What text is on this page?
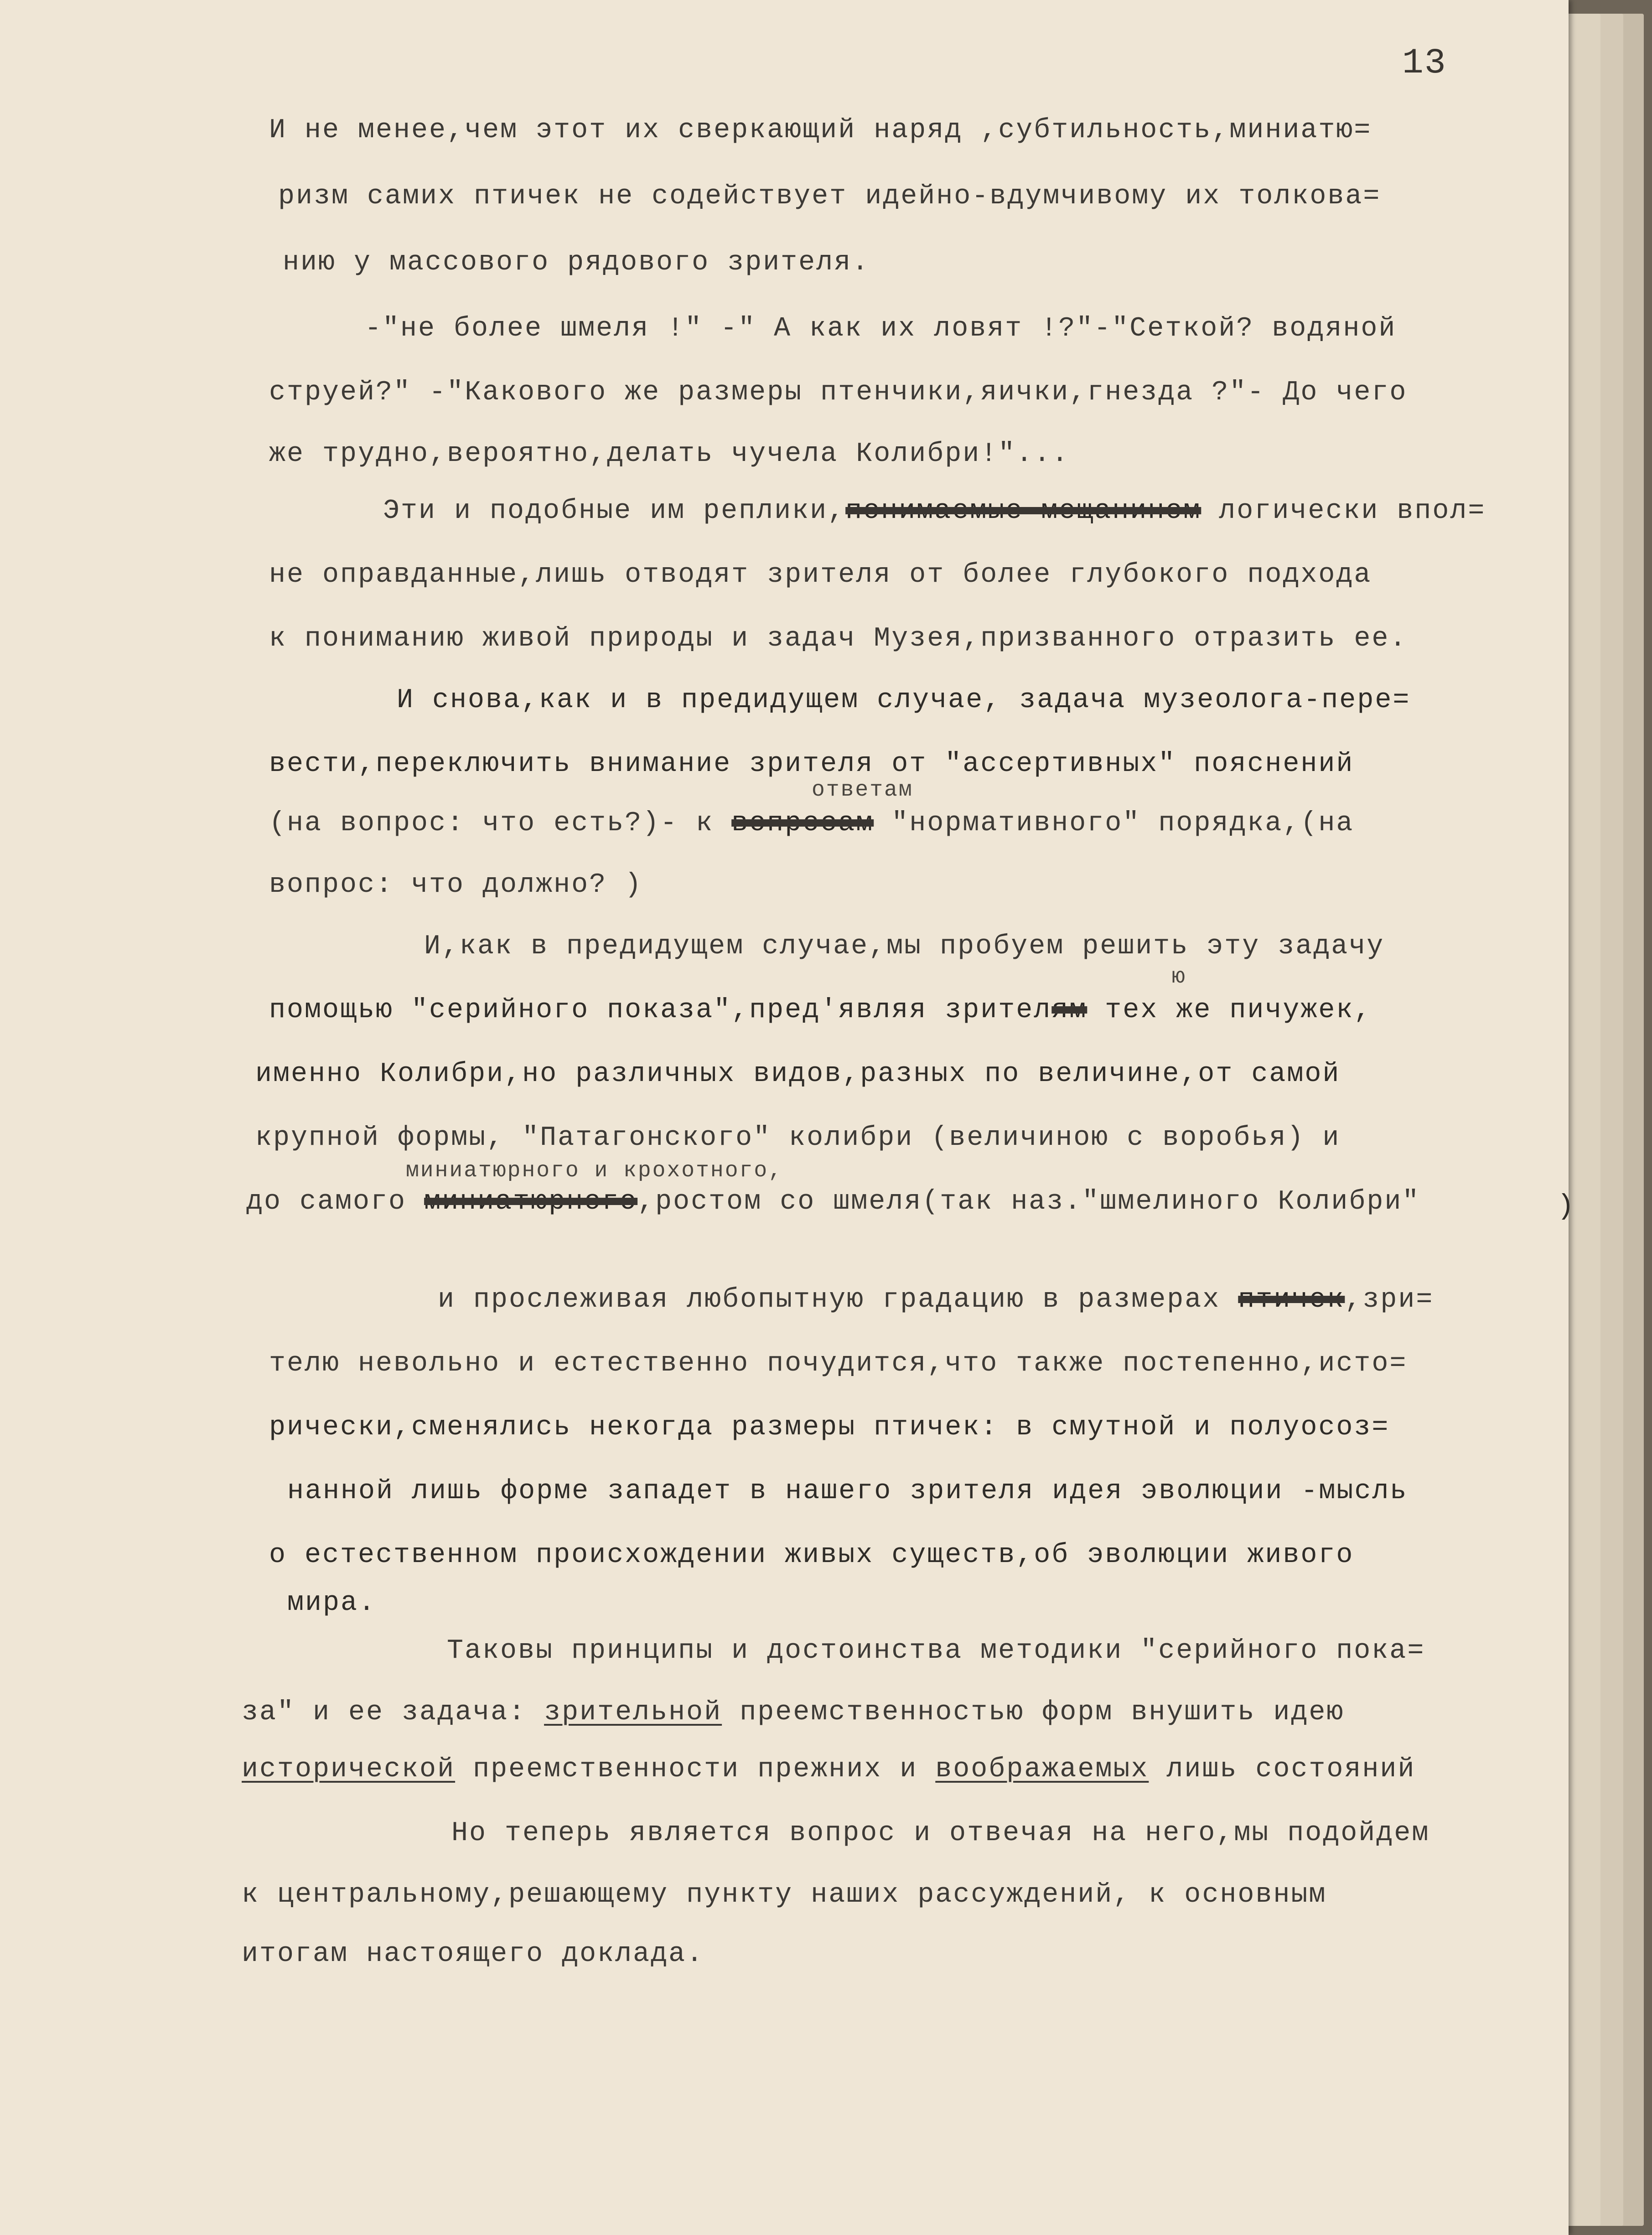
13
И не менее,чем этот их сверкающий наряд ,субтильность,миниатю=
ризм самих птичек не содействует идейно-вдумчивому их толкова=
нию у массового рядового зрителя.
-"не более шмеля !" -" А как их ловят !?"-"Сеткой? водяной
струей?" -"Каковогo же размеры птенчики,яички,гнезда ?"- До чего
же трудно,вероятно,делать чучела Колибри!"...
Эти и подобные им реплики,понимаемые мещанином логически впол=
не оправданные,лишь отводят зрителя от более глубокого подхода
к пониманию живой природы и задач Музея,призванного отразить ее.
И снова,как и в предидущем случае, задача музеолога-пере=
вести,переключить внимание зрителя от "ассертивных" пояснений
ответам
(на вопрос: что есть?)- к вопросам "нормативного" порядка,(на
вопрос: что должно? )
И,как в предидущем случае,мы пробуем решить эту задачу
ю
помощью "серийного показа",пред'являя зрителям тех же пичужек,
именно Колибри,но различных видов,разных по величине,от самой
крупной формы, "Патагонского" колибри (величиною с воробья) и
миниатюрного и крохотного,
до самого миниатюрного,ростом со шмеля(так наз."шмелиного Колибри"	)
и прослеживая любопытную градацию в размерах птичек,зри=
телю невольно и естественно почудится,что также постепенно,исто=
рически,сменялись некогда размеры птичек: в смутной и полуосоз=
нанной лишь форме западет в нашего зрителя идея эволюции -мысль
о естественном происхождении живых существ,об эволюции живого
мира.
Таковы принципы и достоинства методики "серийного пока=
за" и ее задача: зрительной преемственностью форм внушить идею
исторической преемственности прежних и воображаемых лишь состояний
Но теперь является вопрос и отвечая на него,мы подойдем
к центральному,решающему пункту наших рассуждений, к основным
итогам настоящего доклада.
